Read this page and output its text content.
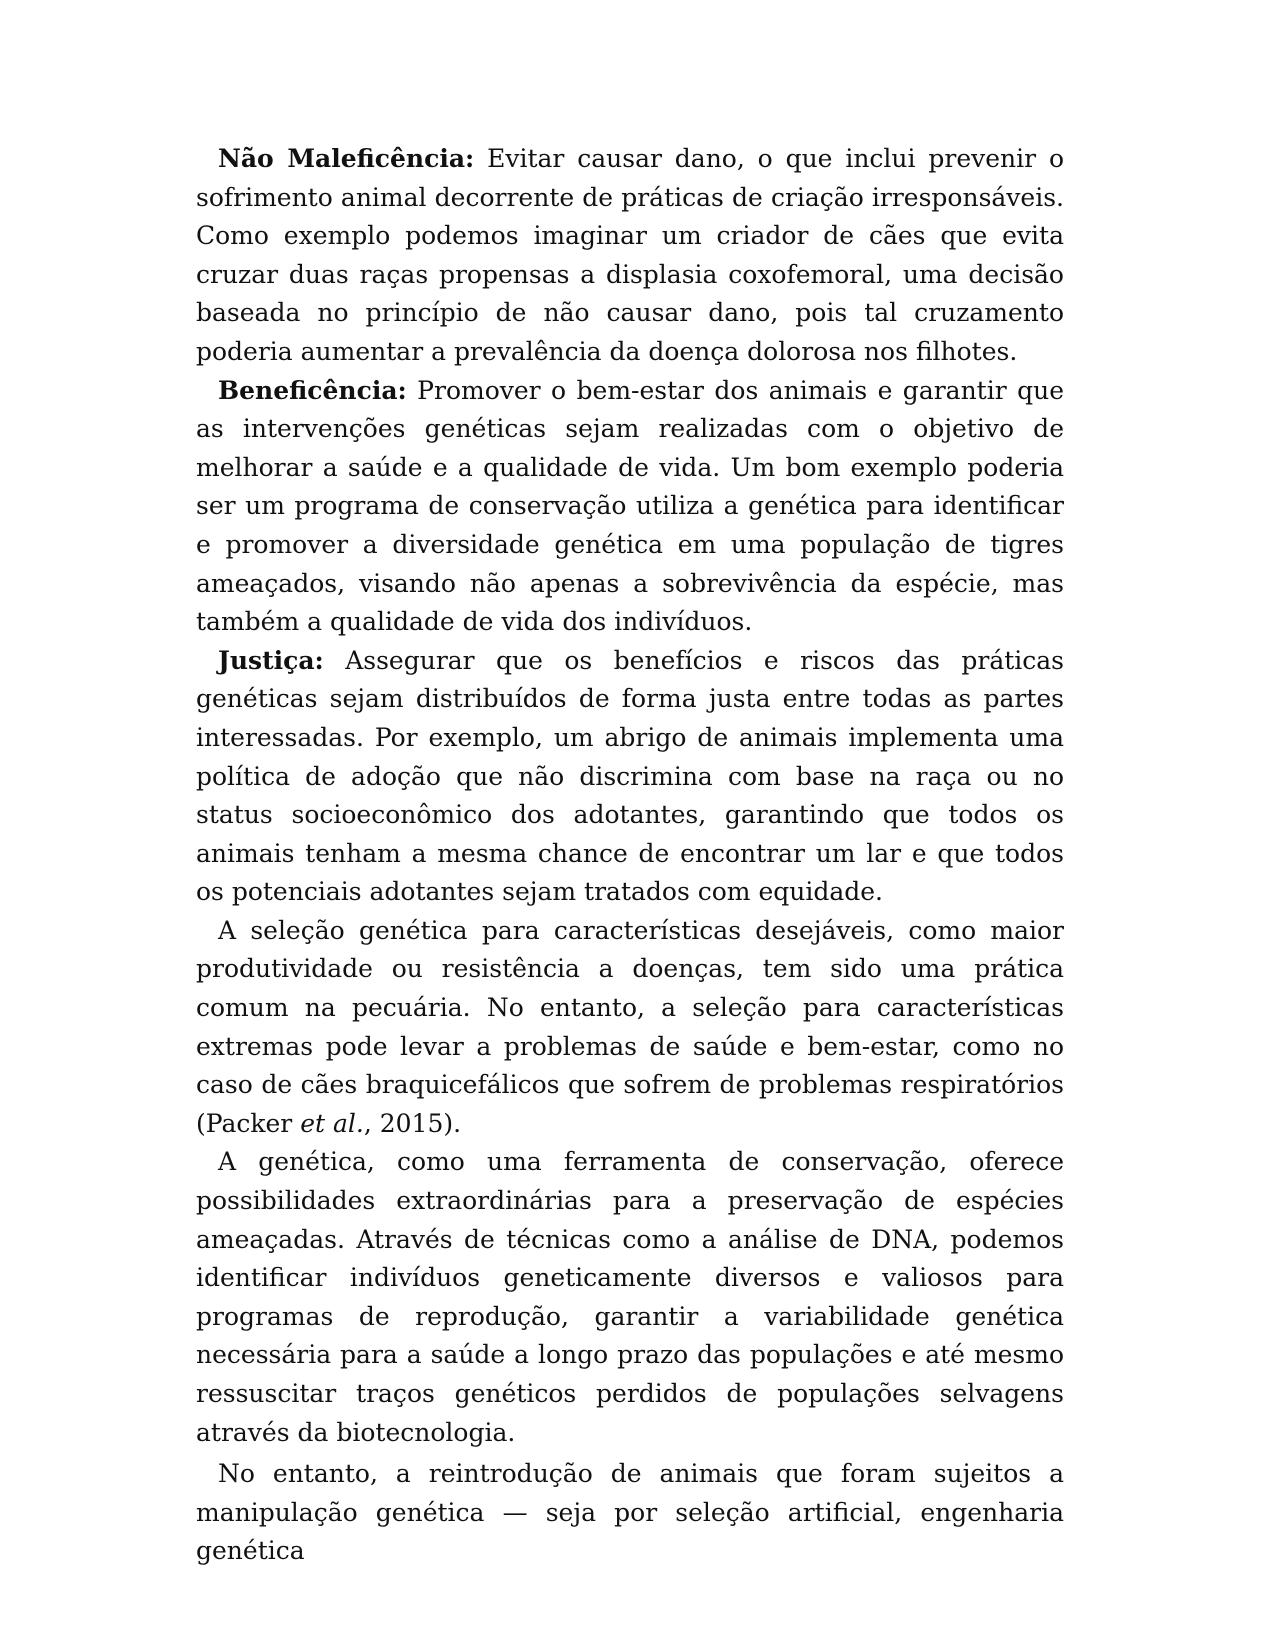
Não Maleficência: Evitar causar dano, o que inclui prevenir o sofrimento animal decorrente de práticas de criação irresponsáveis. Como exemplo podemos imaginar um criador de cães que evita cruzar duas raças propensas a displasia coxofemoral, uma decisão baseada no princípio de não causar dano, pois tal cruzamento poderia aumentar a prevalência da doença dolorosa nos filhotes.

Beneficência: Promover o bem-estar dos animais e garantir que as intervenções genéticas sejam realizadas com o objetivo de melhorar a saúde e a qualidade de vida. Um bom exemplo poderia ser um programa de conservação utiliza a genética para identificar e promover a diversidade genética em uma população de tigres ameaçados, visando não apenas a sobrevivência da espécie, mas também a qualidade de vida dos indivíduos.

Justiça: Assegurar que os benefícios e riscos das práticas genéticas sejam distribuídos de forma justa entre todas as partes interessadas. Por exemplo, um abrigo de animais implementa uma política de adoção que não discrimina com base na raça ou no status socioeconômico dos adotantes, garantindo que todos os animais tenham a mesma chance de encontrar um lar e que todos os potenciais adotantes sejam tratados com equidade.

A seleção genética para características desejáveis, como maior produtividade ou resistência a doenças, tem sido uma prática comum na pecuária. No entanto, a seleção para características extremas pode levar a problemas de saúde e bem-estar, como no caso de cães braquicefálicos que sofrem de problemas respiratórios (Packer et al., 2015).

A genética, como uma ferramenta de conservação, oferece possibilidades extraordinárias para a preservação de espécies ameaçadas. Através de técnicas como a análise de DNA, podemos identificar indivíduos geneticamente diversos e valiosos para programas de reprodução, garantir a variabilidade genética necessária para a saúde a longo prazo das populações e até mesmo ressuscitar traços genéticos perdidos de populações selvagens através da biotecnologia.

No entanto, a reintrodução de animais que foram sujeitos a manipulação genética — seja por seleção artificial, engenharia genética
